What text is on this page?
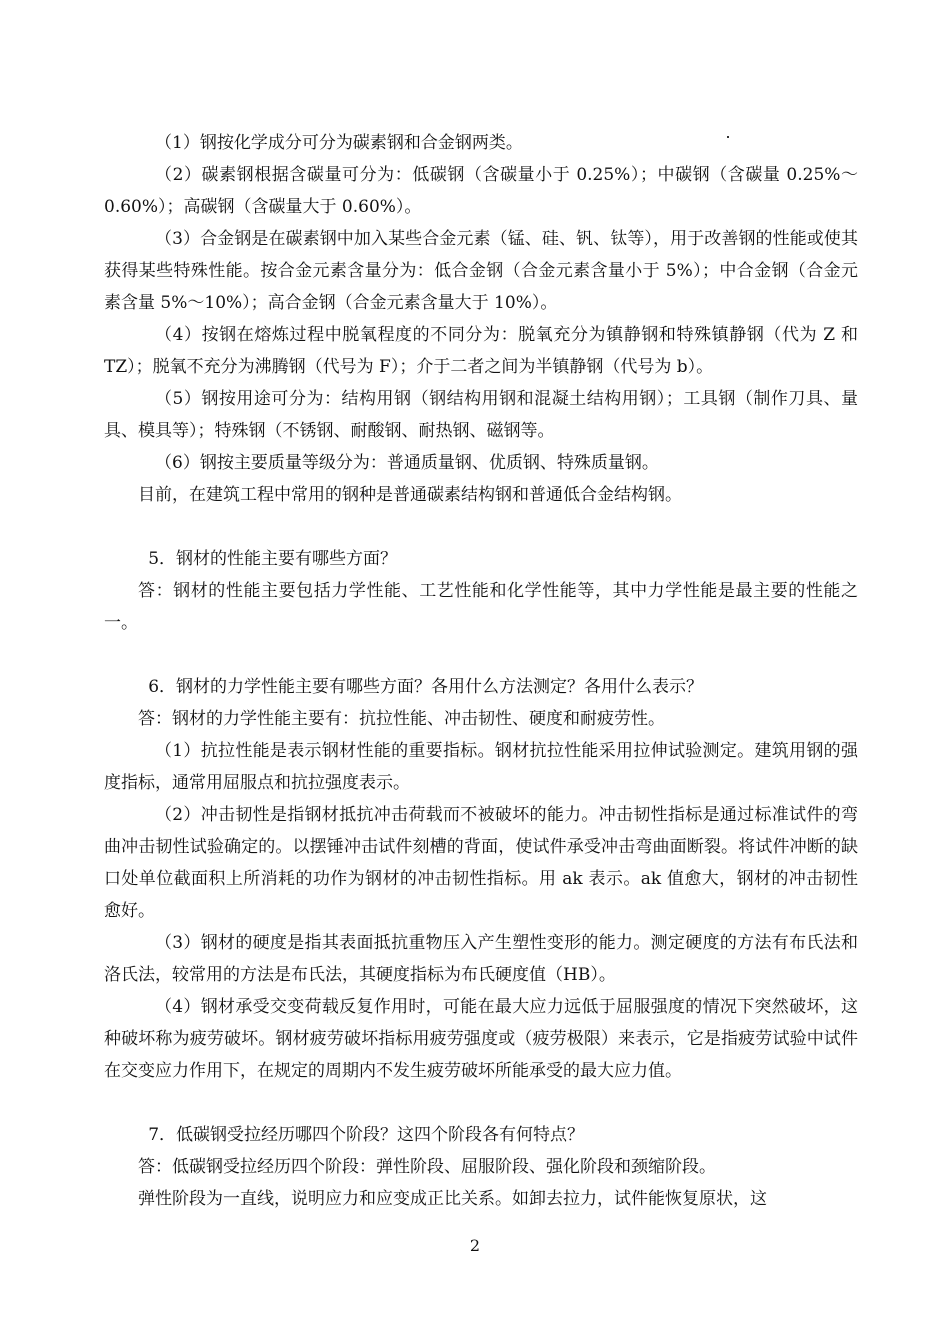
（1）钢按化学成分可分为碳素钢和合金钢两类。

（2）碳素钢根据含碳量可分为：低碳钢（含碳量小于 0.25%）；中碳钢（含碳量 0.25%～0.60%）；高碳钢（含碳量大于 0.60%）。

（3）合金钢是在碳素钢中加入某些合金元素（锰、硅、钒、钛等），用于改善钢的性能或使其获得某些特殊性能。按合金元素含量分为：低合金钢（合金元素含量小于 5%）；中合金钢（合金元素含量 5%～10%）；高合金钢（合金元素含量大于 10%）。

（4）按钢在熔炼过程中脱氧程度的不同分为：脱氧充分为镇静钢和特殊镇静钢（代为 Z 和 TZ）；脱氧不充分为沸腾钢（代号为 F）；介于二者之间为半镇静钢（代号为 b）。

（5）钢按用途可分为：结构用钢（钢结构用钢和混凝土结构用钢）；工具钢（制作刀具、量具、模具等）；特殊钢（不锈钢、耐酸钢、耐热钢、磁钢等。

（6）钢按主要质量等级分为：普通质量钢、优质钢、特殊质量钢。

目前，在建筑工程中常用的钢种是普通碳素结构钢和普通低合金结构钢。

5．钢材的性能主要有哪些方面？

答：钢材的性能主要包括力学性能、工艺性能和化学性能等，其中力学性能是最主要的性能之一。

6．钢材的力学性能主要有哪些方面？各用什么方法测定？各用什么表示？

答：钢材的力学性能主要有：抗拉性能、冲击韧性、硬度和耐疲劳性。

（1）抗拉性能是表示钢材性能的重要指标。钢材抗拉性能采用拉伸试验测定。建筑用钢的强度指标，通常用屈服点和抗拉强度表示。

（2）冲击韧性是指钢材抵抗冲击荷载而不被破坏的能力。冲击韧性指标是通过标准试件的弯曲冲击韧性试验确定的。以摆锤冲击试件刻槽的背面，使试件承受冲击弯曲面断裂。将试件冲断的缺口处单位截面积上所消耗的功作为钢材的冲击韧性指标。用 ak 表示。ak 值愈大，钢材的冲击韧性愈好。

（3）钢材的硬度是指其表面抵抗重物压入产生塑性变形的能力。测定硬度的方法有布氏法和洛氏法，较常用的方法是布氏法，其硬度指标为布氏硬度值（HB）。

（4）钢材承受交变荷载反复作用时，可能在最大应力远低于屈服强度的情况下突然破坏，这种破坏称为疲劳破坏。钢材疲劳破坏指标用疲劳强度或（疲劳极限）来表示，它是指疲劳试验中试件在交变应力作用下，在规定的周期内不发生疲劳破坏所能承受的最大应力值。

7．低碳钢受拉经历哪四个阶段？这四个阶段各有何特点？

答：低碳钢受拉经历四个阶段：弹性阶段、屈服阶段、强化阶段和颈缩阶段。

弹性阶段为一直线，说明应力和应变成正比关系。如卸去拉力，试件能恢复原状，这

2
